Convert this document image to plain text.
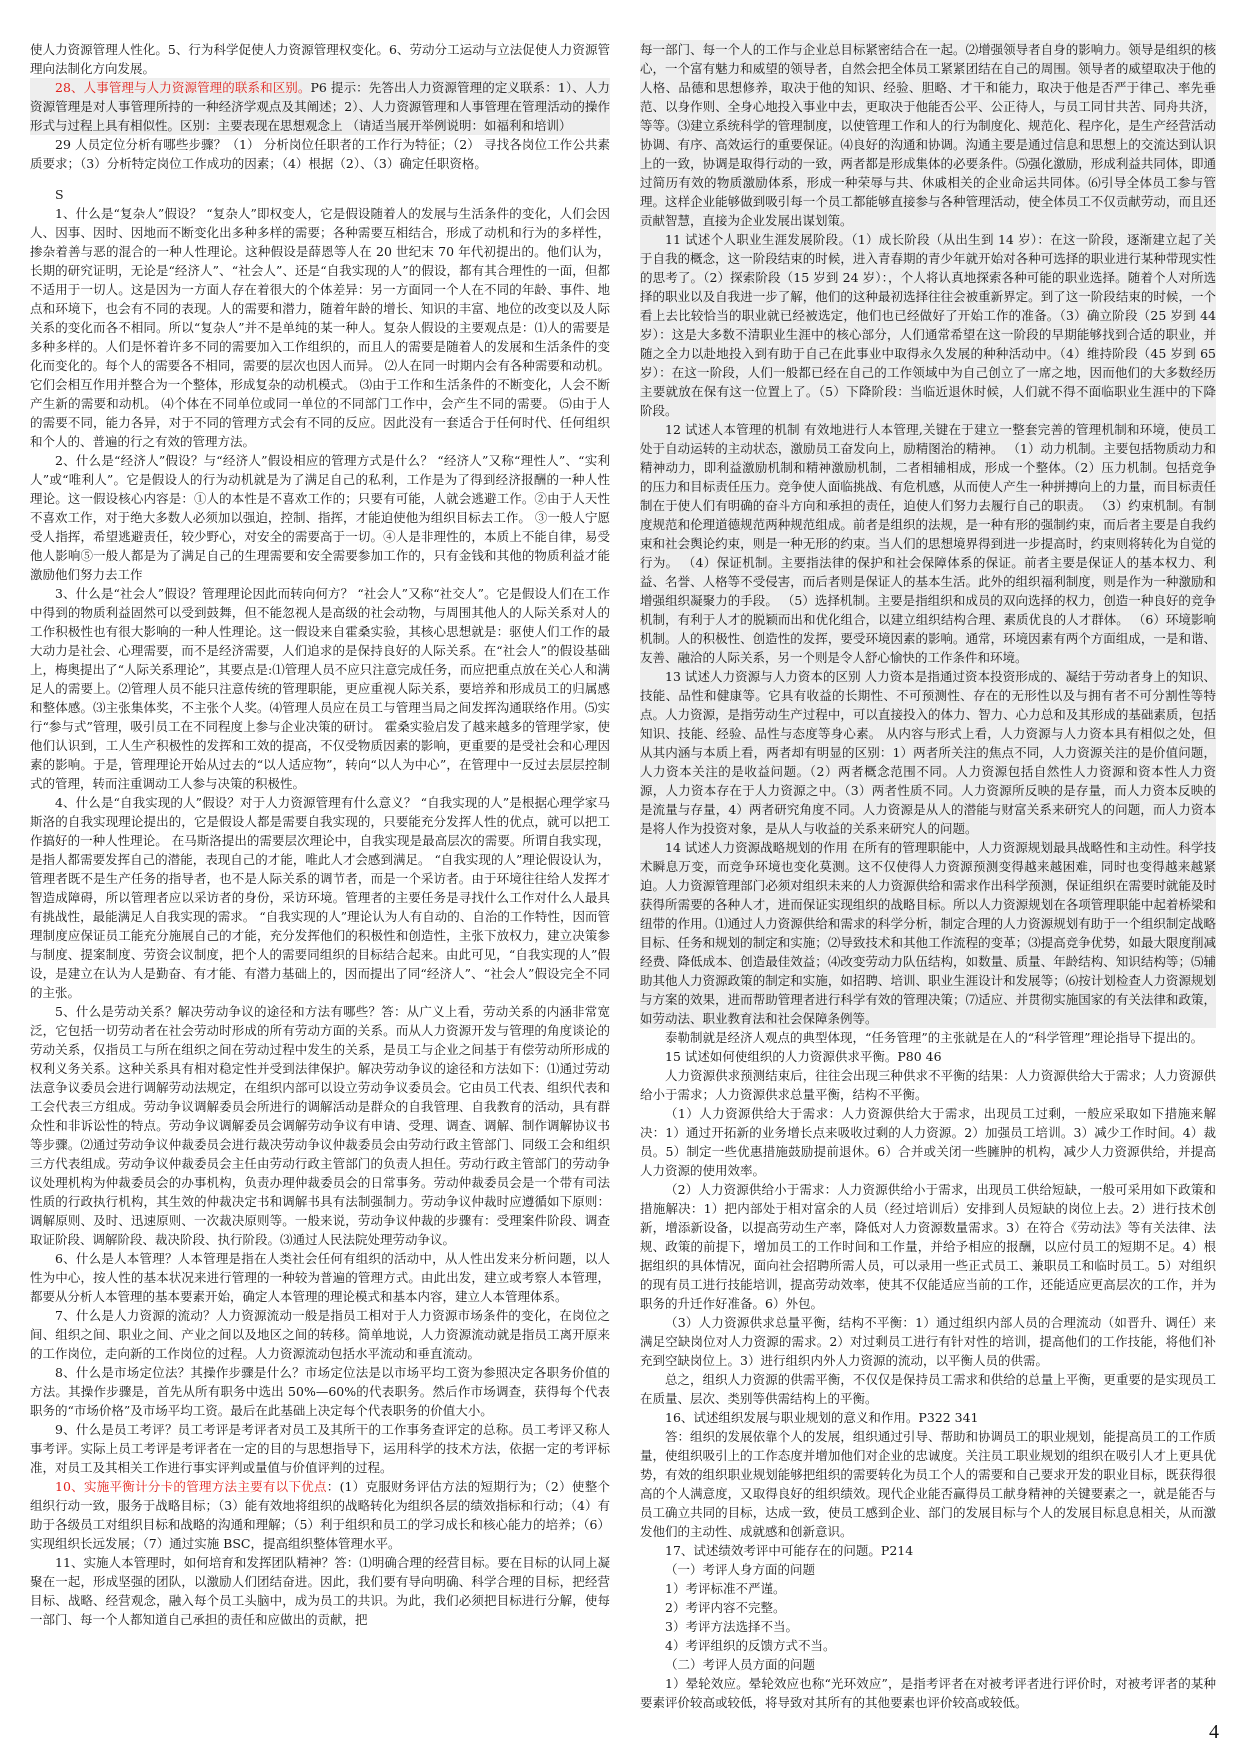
使人力资源管理人性化。5、行为科学促使人力资源管理权变化。6、劳动分工运动与立法促使人力资源管理向法制化方向发展。

28、人事管理与人力资源管理的联系和区别。P6 提示：先答出人力资源管理的定义联系：1）、人力资源管理是对人事管理所持的一种经济学观点及其阐述；2）、人力资源管理和人事管理在管理活动的操作形式与过程上具有相似性。区别：主要表现在思想观念上 （请适当展开举例说明：如福利和培训）

29 人员定位分析有哪些步骤？（1） 分析岗位任职者的工作行为特征；（2） 寻找各岗位工作公共素质要求；（3）分析特定岗位工作成功的因素；（4）根据（2）、（3）确定任职资格。

S

1、什么是“复杂人”假设？ “复杂人”即权变人，它是假设随着人的发展与生活条件的变化，人们会因人、因事、因时、因地而不断变化出多种多样的需要；各种需要互相结合，形成了动机和行为的多样性，掺杂着善与恶的混合的一种人性理论。这种假设是薛恩等人在 20 世纪末 70 年代初提出的。他们认为，长期的研究证明，无论是“经济人”、“社会人”、还是“自我实现的人”的假设，都有其合理性的一面，但都不适用于一切人。这是因为一方面人存在着很大的个体差异：另一方面同一个人在不同的年龄、事件、地点和环境下，也会有不同的表现。人的需要和潜力，随着年龄的增长、知识的丰富、地位的改变以及人际关系的变化而各不相同。所以“复杂人”并不是单纯的某一种人。复杂人假设的主要观点是：⑴人的需要是多种多样的。人们是怀着许多不同的需要加入工作组织的，而且人的需要是随着人的发展和生活条件的变化而变化的。每个人的需要各不相同，需要的层次也因人而异。 ⑵人在同一时期内会有各种需要和动机。它们会相互作用并整合为一个整体，形成复杂的动机模式。 ⑶由于工作和生活条件的不断变化，人会不断产生新的需要和动机。 ⑷个体在不同单位或同一单位的不同部门工作中，会产生不同的需要。 ⑸由于人的需要不同，能力各异，对于不同的管理方式会有不同的反应。因此没有一套适合于任何时代、任何组织和个人的、普遍的行之有效的管理方法。

2、什么是“经济人”假设？与“经济人”假设相应的管理方式是什么？ “经济人”又称“理性人”、“实利人”或“唯利人”。它是假设人的行为动机就是为了满足自己的私利，工作是为了得到经济报酬的一种人性理论。这一假设核心内容是：①人的本性是不喜欢工作的；只要有可能，人就会逃避工作。②由于人天性不喜欢工作，对于绝大多数人必须加以强迫，控制、指挥，才能迫使他为组织目标去工作。 ③一般人宁愿受人指挥，希望逃避责任，较少野心，对安全的需要高于一切。④人是非理性的，本质上不能自律，易受他人影响⑤一般人都是为了满足自己的生理需要和安全需要参加工作的，只有金钱和其他的物质利益才能激励他们努力去工作

3、什么是“社会人”假设？管理理论因此而转向何方？ “社会人”又称“社交人”。它是假设人们在工作中得到的物质利益固然可以受到鼓舞，但不能忽视人是高级的社会动物，与周围其他人的人际关系对人的工作积极性也有很大影响的一种人性理论。这一假设来自霍桑实验，其核心思想就是：驱使人们工作的最大动力是社会、心理需要，而不是经济需要，人们追求的是保持良好的人际关系。在“社会人”的假设基础上，梅奥提出了“人际关系理论”，其要点是:⑴管理人员不应只注意完成任务，而应把重点放在关心人和满足人的需要上。⑵管理人员不能只注意传统的管理职能，更应重视人际关系，要培养和形成员工的归属感和整体感。⑶主张集体奖，不主张个人奖。⑷管理人员应在员工与管理当局之间发挥沟通联络作用。⑸实行“参与式”管理，吸引员工在不同程度上参与企业决策的研讨。 霍桑实验启发了越来越多的管理学家，使他们认识到，工人生产积极性的发挥和工效的提高，不仅受物质因素的影响，更重要的是受社会和心理因素的影响。于是，管理理论开始从过去的“以人适应物”，转向“以人为中心”，在管理中一反过去层层控制式的管理，转而注重调动工人参与决策的积极性。

4、什么是“自我实现的人”假设？对于人力资源管理有什么意义？ “自我实现的人”是根据心理学家马斯洛的自我实现理论提出的，它是假设人都是需要自我实现的，只要能充分发挥人性的优点，就可以把工作搞好的一种人性理论。 在马斯洛提出的需要层次理论中，自我实现是最高层次的需要。所谓自我实现，是指人都需要发挥自己的潜能，表现自己的才能，唯此人才会感到满足。 “自我实现的人”理论假设认为，管理者既不是生产任务的指导者，也不是人际关系的调节者，而是一个采访者。由于环境往往给人发挥才智造成障碍，所以管理者应以采访者的身份，采访环境。管理者的主要任务是寻找什么工作对什么人最具有挑战性，最能满足人自我实现的需求。 “自我实现的人”理论认为人有自动的、自治的工作特性，因而管理制度应保证员工能充分施展自己的才能，充分发挥他们的积极性和创造性，主张下放权力，建立决策参与制度、提案制度、劳资会议制度，把个人的需要同组织的目标结合起来。由此可见，“自我实现的人”假设，是建立在认为人是勤奋、有才能、有潜力基础上的，因而提出了同“经济人”、“社会人”假设完全不同的主张。

5、什么是劳动关系？解决劳动争议的途径和方法有哪些？答：从广义上看，劳动关系的内涵非常宽泛，它包括一切劳动者在社会劳动时形成的所有劳动方面的关系。而从人力资源开发与管理的角度谈论的劳动关系，仅指员工与所在组织之间在劳动过程中发生的关系，是员工与企业之间基于有偿劳动所形成的权利义务关系。这种关系具有相对稳定性并受到法律保护。解决劳动争议的途径和方法如下：⑴通过劳动法意争议委员会进行调解劳动法规定，在组织内部可以设立劳动争议委员会。它由员工代表、组织代表和工会代表三方组成。劳动争议调解委员会所进行的调解活动是群众的自我管理、自我教育的活动，具有群众性和非诉讼性的特点。劳动争议调解委员会调解劳动争议有申请、受理、调查、调解、制作调解协议书等步骤。⑵通过劳动争议仲裁委员会进行裁决劳动争议仲裁委员会由劳动行政主管部门、同级工会和组织三方代表组成。劳动争议仲裁委员会主任由劳动行政主管部门的负责人担任。劳动行政主管部门的劳动争议处理机构为仲裁委员会的办事机构，负责办理仲裁委员会的日常事务。劳动仲裁委员会是一个带有司法性质的行政执行机构，其生效的仲裁决定书和调解书具有法制强制力。劳动争议仲裁时应遵循如下原则：调解原则、及时、迅速原则、一次裁决原则等。一般来说，劳动争议仲裁的步骤有：受理案件阶段、调查取证阶段、调解阶段、裁决阶段、执行阶段。⑶通过人民法院处理劳动争议。

6、什么是人本管理？人本管理是指在人类社会任何有组织的活动中，从人性出发来分析问题，以人性为中心，按人性的基本状况来进行管理的一种较为普遍的管理方式。由此出发，建立或考察人本管理，都要从分析人本管理的基本要素开始，确定人本管理的理论模式和基本内容，建立人本管理体系。

7、什么是人力资源的流动？人力资源流动一般是指员工相对于人力资源市场条件的变化，在岗位之间、组织之间、职业之间、产业之间以及地区之间的转移。简单地说，人力资源流动就是指员工离开原来的工作岗位，走向新的工作岗位的过程。人力资源流动包括水平流动和垂直流动。

8、什么是市场定位法？其操作步骤是什么？市场定位法是以市场平均工资为参照决定各职务价值的方法。其操作步骤是，首先从所有职务中选出 50%—60%的代表职务。然后作市场调查，获得每个代表职务的“市场价格”及市场平均工资。最后在此基础上决定每个代表职务的价值大小。

9、什么是员工考评？员工考评是考评者对员工及其所干的工作事务查评定的总称。员工考评又称人事考评。实际上员工考评是考评者在一定的目的与思想指导下，运用科学的技术方法，依据一定的考评标准，对员工及其相关工作进行事实评判或量值与价值评判的过程。

10、实施平衡计分卡的管理方法主要有以下优点：(1）克服财务评估方法的短期行为；（2）使整个组织行动一致，服务于战略目标；（3）能有效地将组织的战略转化为组织各层的绩效指标和行动；（4）有助于各级员工对组织目标和战略的沟通和理解；（5）利于组织和员工的学习成长和核心能力的培养；（6）实现组织长远发展；（7）通过实施 BSC，提高组织整体管理水平。

11、实施人本管理时，如何培育和发挥团队精神？答：⑴明确合理的经营目标。要在目标的认同上凝聚在一起，形成坚强的团队，以激励人们团结奋进。因此，我们要有导向明确、科学合理的目标，把经营目标、战略、经营观念，融入每个员工头脑中，成为员工的共识。为此，我们必须把目标进行分解，使每一部门、每一个人都知道自己承担的责任和应做出的贡献，把

每一部门、每一个人的工作与企业总目标紧密结合在一起。⑵增强领导者自身的影响力。领导是组织的核心，一个富有魅力和威望的领导者，自然会把全体员工紧紧团结在自己的周围。领导者的威望取决于他的人格、品德和思想修养，取决于他的知识、经验、胆略、才干和能力，取决于他是否严于律己、率先垂范、以身作则、全身心地投入事业中去，更取决于他能否公平、公正待人，与员工同甘共苦、同舟共济，等等。⑶建立系统科学的管理制度，以使管理工作和人的行为制度化、规范化、程序化，是生产经营活动协调、有序、高效运行的重要保证。⑷良好的沟通和协调。沟通主要是通过信息和思想上的交流达到认识上的一致，协调是取得行动的一致，两者都是形成集体的必要条件。⑸强化激励，形成利益共同体，即通过简历有效的物质激励体系，形成一种荣辱与共、休戚相关的企业命运共同体。⑹引导全体员工参与管理。这样企业能够做到吸引每一个员工都能够直接参与各种管理活动，使全体员工不仅贡献劳动，而且还贡献智慧，直接为企业发展出谋划策。

11 试述个人职业生涯发展阶段。（1）成长阶段（从出生到 14 岁）：在这一阶段，逐渐建立起了关于自我的概念，这一阶段结束的时候，进入青春期的青少年就开始对各种可选择的职业进行某种带现实性的思考了。（2）探索阶段（15 岁到 24 岁）：，个人将认真地探索各种可能的职业选择。随着个人对所选择的职业以及自我进一步了解，他们的这种最初选择往往会被重新界定。到了这一阶段结束的时候，一个看上去比较恰当的职业就已经被选定，他们也已经做好了开始工作的准备。（3）确立阶段（25 岁到 44 岁）：这是大多数不清职业生涯中的核心部分，人们通常希望在这一阶段的早期能够找到合适的职业，并随之全力以赴地投入到有助于自己在此事业中取得永久发展的种种活动中。（4）维持阶段（45 岁到 65 岁）：在这一阶段，人们一般都已经在自己的工作领域中为自己创立了一席之地，因而他们的大多数经历主要就放在保有这一位置上了。（5）下降阶段：当临近退休时候，人们就不得不面临职业生涯中的下降阶段。

12 试述人本管理的机制 有效地进行人本管理,关键在于建立一整套完善的管理机制和环境，使员工处于自动运转的主动状态，激励员工奋发向上，励精图治的精神。 （1）动力机制。主要包括物质动力和精神动力，即利益激励机制和精神激励机制，二者相辅相成，形成一个整体。（2）压力机制。包括竞争的压力和目标责任压力。竞争使人面临挑战、有危机感，从而使人产生一种拼搏向上的力量，而目标责任制在于使人们有明确的奋斗方向和承担的责任，迫使人们努力去履行自己的职责。 （3）约束机制。有制度规范和伦理道德规范两种规范组成。前者是组织的法规，是一种有形的强制约束，而后者主要是自我约束和社会舆论约束，则是一种无形的约束。当人们的思想境界得到进一步提高时，约束则将转化为自觉的行为。 （4）保证机制。主要指法律的保护和社会保障体系的保证。前者主要是保证人的基本权力、利益、名誉、人格等不受侵害，而后者则是保证人的基本生活。此外的组织福利制度，则是作为一种激励和增强组织凝聚力的手段。 （5）选择机制。主要是指组织和成员的双向选择的权力，创造一种良好的竞争机制，有利于人才的脱颖而出和优化组合，以建立组织结构合理、素质优良的人才群体。 （6）环境影响机制。人的积极性、创造性的发挥，要受环境因素的影响。通常，环境因素有两个方面组成，一是和谐、友善、融洽的人际关系，另一个则是令人舒心愉快的工作条件和环境。

13 试述人力资源与人力资本的区别 人力资本是指通过资本投资形成的、凝结于劳动者身上的知识、技能、品性和健康等。它具有收益的长期性、不可预测性、存在的无形性以及与拥有者不可分割性等特点。人力资源，是指劳动生产过程中，可以直接投入的体力、智力、心力总和及其形成的基础素质，包括知识、技能、经验、品性与态度等身心素。 从内容与形式上看，人力资源与人力资本具有相似之处，但从其内涵与本质上看，两者却有明显的区别：1）两者所关注的焦点不同，人力资源关注的是价值问题，人力资本关注的是收益问题。（2）两者概念范围不同。人力资源包括自然性人力资源和资本性人力资源，人力资本存在于人力资源之中。（3）两者性质不同。人力资源所反映的是存量，而人力资本反映的是流量与存量，4）两者研究角度不同。人力资源是从人的潜能与财富关系来研究人的问题，而人力资本是将人作为投资对象，是从人与收益的关系来研究人的问题。

14 试述人力资源战略规划的作用 在所有的管理职能中，人力资源规划最具战略性和主动性。科学技术瞬息万变，而竞争环境也变化莫测。这不仅使得人力资源预测变得越来越困难，同时也变得越来越紧迫。人力资源管理部门必须对组织未来的人力资源供给和需求作出科学预测，保证组织在需要时就能及时获得所需要的各种人才，进而保证实现组织的战略目标。所以人力资源规划在各项管理职能中起着桥梁和纽带的作用。⑴通过人力资源供给和需求的科学分析，制定合理的人力资源规划有助于一个组织制定战略目标、任务和规划的制定和实施；⑵导致技术和其他工作流程的变革；⑶提高竞争优势，如最大限度削减经费、降低成本、创造最佳效益；⑷改变劳动力队伍结构，如数量、质量、年龄结构、知识结构等；⑸辅助其他人力资源政策的制定和实施，如招聘、培训、职业生涯设计和发展等；⑹按计划检查人力资源规划与方案的效果，进而帮助管理者进行科学有效的管理决策；⑺适应、并贯彻实施国家的有关法律和政策，如劳动法、职业教育法和社会保障条例等。

泰勒制就是经济人观点的典型体现，“任务管理”的主张就是在人的“科学管理”理论指导下提出的。

15 试述如何使组织的人力资源供求平衡。P80 46

人力资源供求预测结束后，往往会出现三种供求不平衡的结果：人力资源供给大于需求；人力资源供给小于需求；人力资源供求总量平衡，结构不平衡。

（1）人力资源供给大于需求：人力资源供给大于需求，出现员工过剩，一般应采取如下措施来解决：1）通过开拓新的业务增长点来吸收过剩的人力资源。2）加强员工培训。3）减少工作时间。4）裁员。5）制定一些优惠措施鼓励提前退休。6）合并或关闭一些臃肿的机构，减少人力资源供给，并提高人力资源的使用效率。

（2）人力资源供给小于需求：人力资源供给小于需求，出现员工供给短缺，一般可采用如下政策和措施解决：1）把内部处于相对富余的人员（经过培训后）安排到人员短缺的岗位上去。2）进行技术创新，增添新设备，以提高劳动生产率，降低对人力资源数量需求。3）在符合《劳动法》等有关法律、法规、政策的前提下，增加员工的工作时间和工作量，并给予相应的报酬，以应付员工的短期不足。4）根据组织的具体情况，面向社会招聘所需人员，可以录用一些正式员工、兼职员工和临时员工。5）对组织的现有员工进行技能培训，提高劳动效率，使其不仅能适应当前的工作，还能适应更高层次的工作，并为职务的升迁作好准备。6）外包。

（3）人力资源供求总量平衡，结构不平衡：1）通过组织内部人员的合理流动（如晋升、调任）来满足空缺岗位对人力资源的需求。2）对过剩员工进行有针对性的培训，提高他们的工作技能，将他们补充到空缺岗位上。3）进行组织内外人力资源的流动，以平衡人员的供需。

总之，组织人力资源的供需平衡，不仅仅是保持员工需求和供给的总量上平衡，更重要的是实现员工在质量、层次、类别等供需结构上的平衡。

16、试述组织发展与职业规划的意义和作用。P322 341

答：组织的发展依靠个人的发展，组织通过引导、帮助和协调员工的职业规划，能提高员工的工作质量，使组织吸引上的工作态度并增加他们对企业的忠诚度。关注员工职业规划的组织在吸引人才上更具优势，有效的组织职业规划能够把组织的需要转化为员工个人的需要和自己要求开发的职业目标，既获得很高的个人满意度，又取得良好的组织绩效。现代企业能否赢得员工献身精神的关键要素之一，就是能否与员工确立共同的目标，达成一致，使员工感到企业、部门的发展目标与个人的发展目标息息相关，从而激发他们的主动性、成就感和创新意识。

17、试述绩效考评中可能存在的问题。P214

（一）考评人身方面的问题

1）考评标准不严谨。

2）考评内容不完整。

3）考评方法选择不当。

4）考评组织的反馈方式不当。

（二）考评人员方面的问题

1）晕轮效应。晕轮效应也称“光环效应”，是指考评者在对被考评者进行评价时，对被考评者的某种要素评价较高或较低，将导致对其所有的其他要素也评价较高或较低。

4
